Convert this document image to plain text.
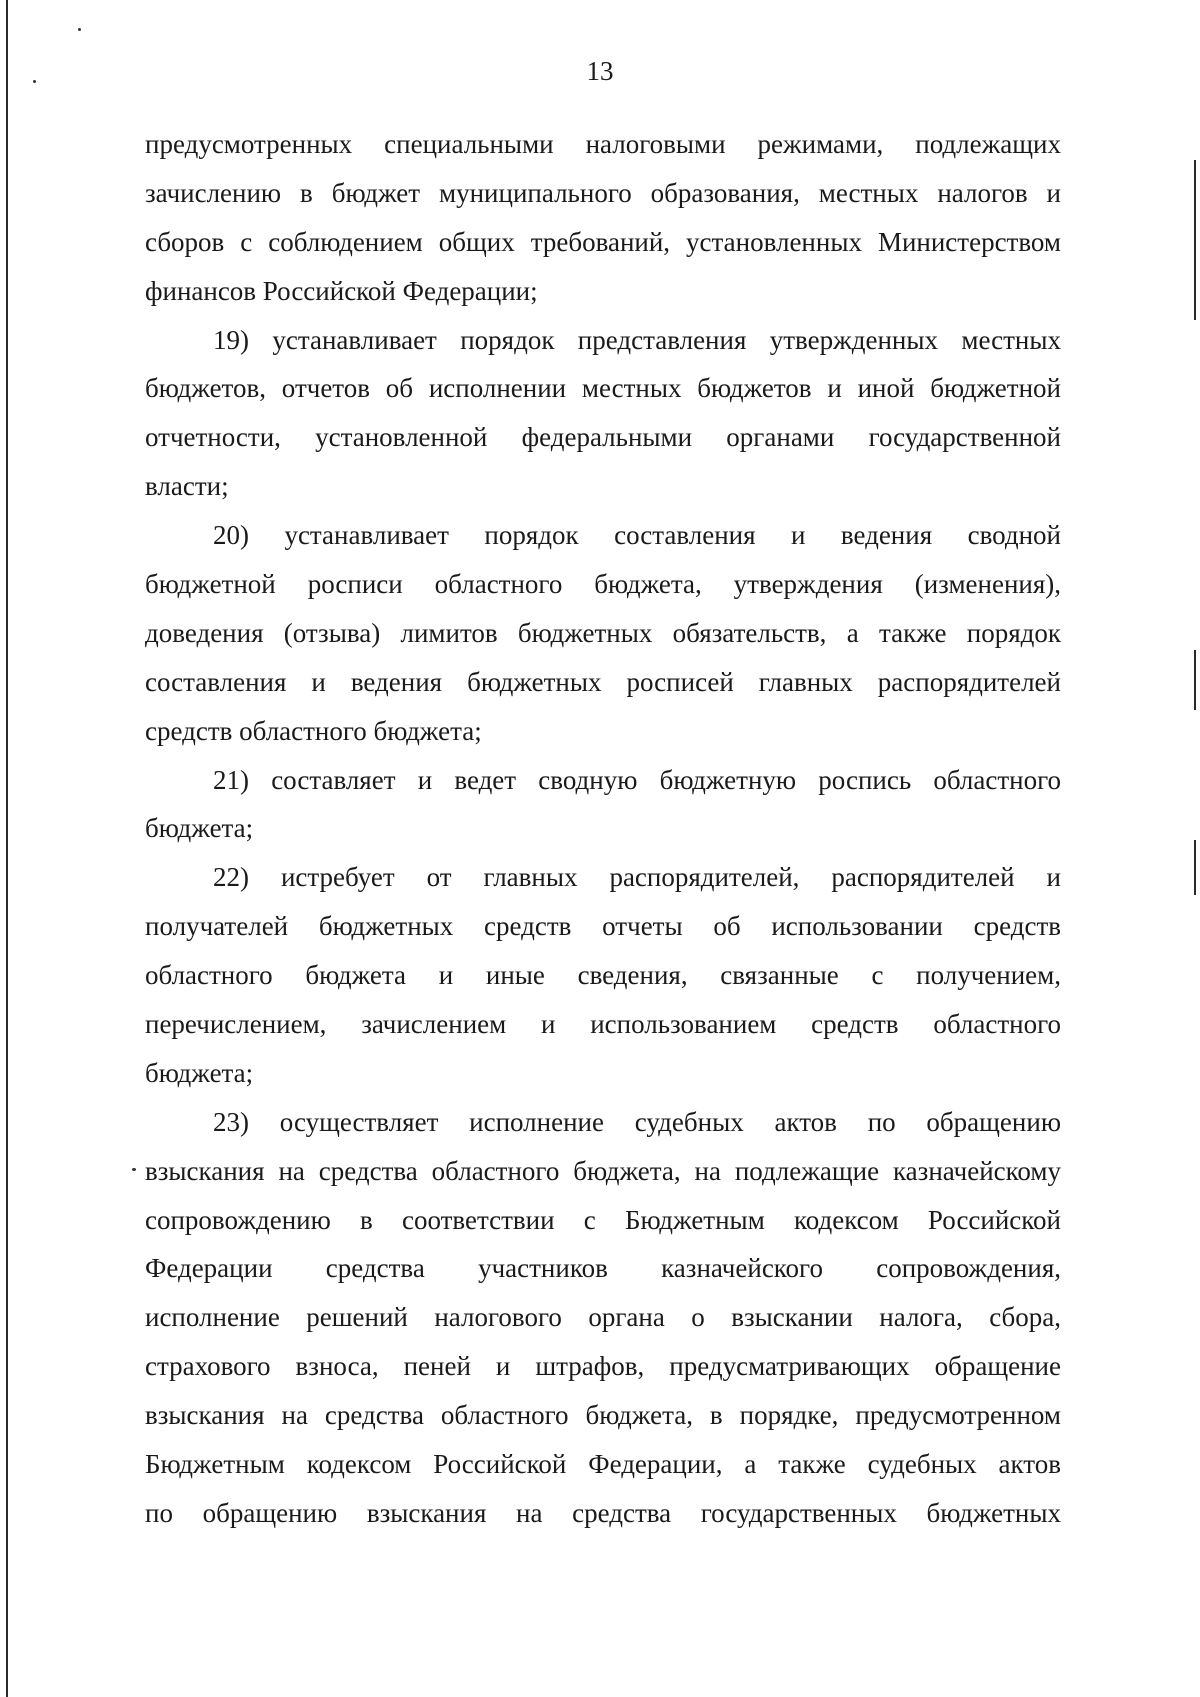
13
предусмотренных специальными налоговыми режимами, подлежащих
зачислению в бюджет муниципального образования, местных налогов и
сборов с соблюдением общих требований, установленных Министерством
финансов Российской Федерации;
19) устанавливает порядок представления утвержденных местных
бюджетов, отчетов об исполнении местных бюджетов и иной бюджетной
отчетности, установленной федеральными органами государственной
власти;
20) устанавливает порядок составления и ведения сводной
бюджетной росписи областного бюджета, утверждения (изменения),
доведения (отзыва) лимитов бюджетных обязательств, а также порядок
составления и ведения бюджетных росписей главных распорядителей
средств областного бюджета;
21) составляет и ведет сводную бюджетную роспись областного
бюджета;
22) истребует от главных распорядителей, распорядителей и
получателей бюджетных средств отчеты об использовании средств
областного бюджета и иные сведения, связанные с получением,
перечислением, зачислением и использованием средств областного
бюджета;
23) осуществляет исполнение судебных актов по обращению
взыскания на средства областного бюджета, на подлежащие казначейскому
сопровождению в соответствии с Бюджетным кодексом Российской
Федерации средства участников казначейского сопровождения,
исполнение решений налогового органа о взыскании налога, сбора,
страхового взноса, пеней и штрафов, предусматривающих обращение
взыскания на средства областного бюджета, в порядке, предусмотренном
Бюджетным кодексом Российской Федерации, а также судебных актов
по обращению взыскания на средства государственных бюджетных
